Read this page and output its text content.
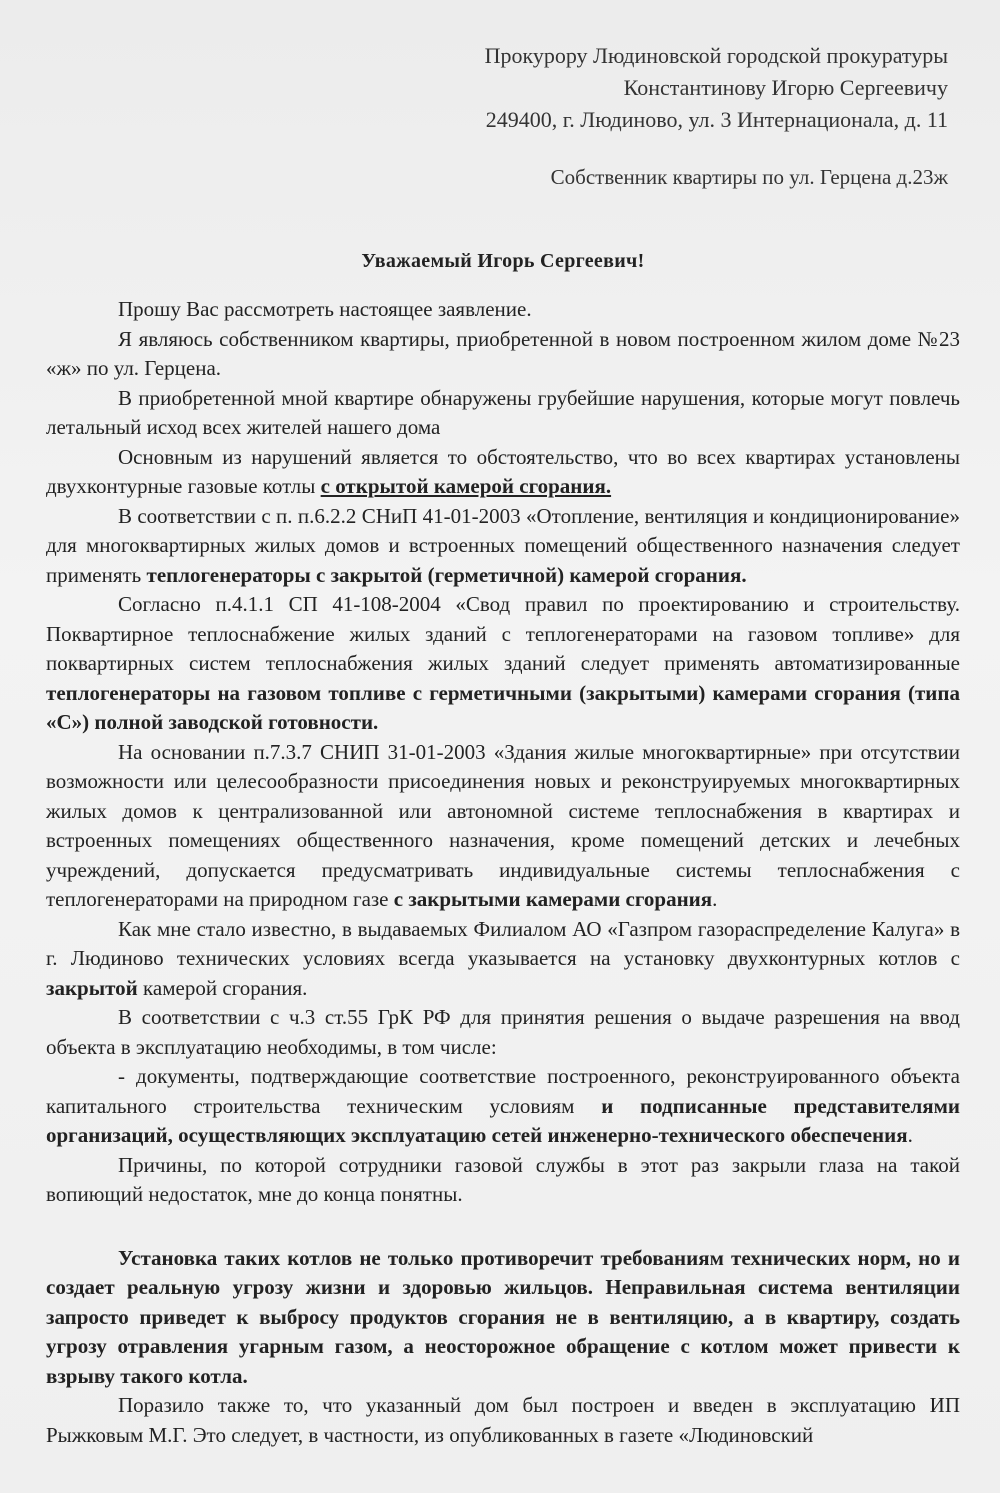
Прокурору Людиновской городской прокуратуры
Константинову Игорю Сергеевичу
249400, г. Людиново, ул. 3 Интернационала, д. 11
Собственник квартиры по ул. Герцена д.23ж
Уважаемый Игорь Сергеевич!

Прошу Вас рассмотреть настоящее заявление.

Я являюсь собственником квартиры, приобретенной в новом построенном жилом доме №23 «ж» по ул. Герцена.

В приобретенной мной квартире обнаружены грубейшие нарушения, которые могут повлечь летальный исход всех жителей нашего дома

Основным из нарушений является то обстоятельство, что во всех квартирах установлены двухконтурные газовые котлы с открытой камерой сгорания.

В соответствии с п. п.6.2.2 СНиП 41-01-2003 «Отопление, вентиляция и кондиционирование» для многоквартирных жилых домов и встроенных помещений общественного назначения следует применять теплогенераторы с закрытой (герметичной) камерой сгорания.

Согласно п.4.1.1 СП 41-108-2004 «Свод правил по проектированию и строительству. Поквартирное теплоснабжение жилых зданий с теплогенераторами на газовом топливе» для поквартирных систем теплоснабжения жилых зданий следует применять автоматизированные теплогенераторы на газовом топливе с герметичными (закрытыми) камерами сгорания (типа «С») полной заводской готовности.

На основании п.7.3.7 СНИП 31-01-2003 «Здания жилые многоквартирные» при отсутствии возможности или целесообразности присоединения новых и реконструируемых многоквартирных жилых домов к централизованной или автономной системе теплоснабжения в квартирах и встроенных помещениях общественного назначения, кроме помещений детских и лечебных учреждений, допускается предусматривать индивидуальные системы теплоснабжения с теплогенераторами на природном газе с закрытыми камерами сгорания.

Как мне стало известно, в выдаваемых Филиалом АО «Газпром газораспределение Калуга» в г. Людиново технических условиях всегда указывается на установку двухконтурных котлов с закрытой камерой сгорания.

В соответствии с ч.3 ст.55 ГрК РФ для принятия решения о выдаче разрешения на ввод объекта в эксплуатацию необходимы, в том числе:

- документы, подтверждающие соответствие построенного, реконструированного объекта капитального строительства техническим условиям и подписанные представителями организаций, осуществляющих эксплуатацию сетей инженерно-технического обеспечения.

Причины, по которой сотрудники газовой службы в этот раз закрыли глаза на такой вопиющий недостаток, мне до конца понятны.

Установка таких котлов не только противоречит требованиям технических норм, но и создает реальную угрозу жизни и здоровью жильцов. Неправильная система вентиляции запросто приведет к выбросу продуктов сгорания не в вентиляцию, а в квартиру, создать угрозу отравления угарным газом, а неосторожное обращение с котлом может привести к взрыву такого котла.

Поразило также то, что указанный дом был построен и введен в эксплуатацию ИП Рыжковым М.Г. Это следует, в частности, из опубликованных в газете «Людиновский
